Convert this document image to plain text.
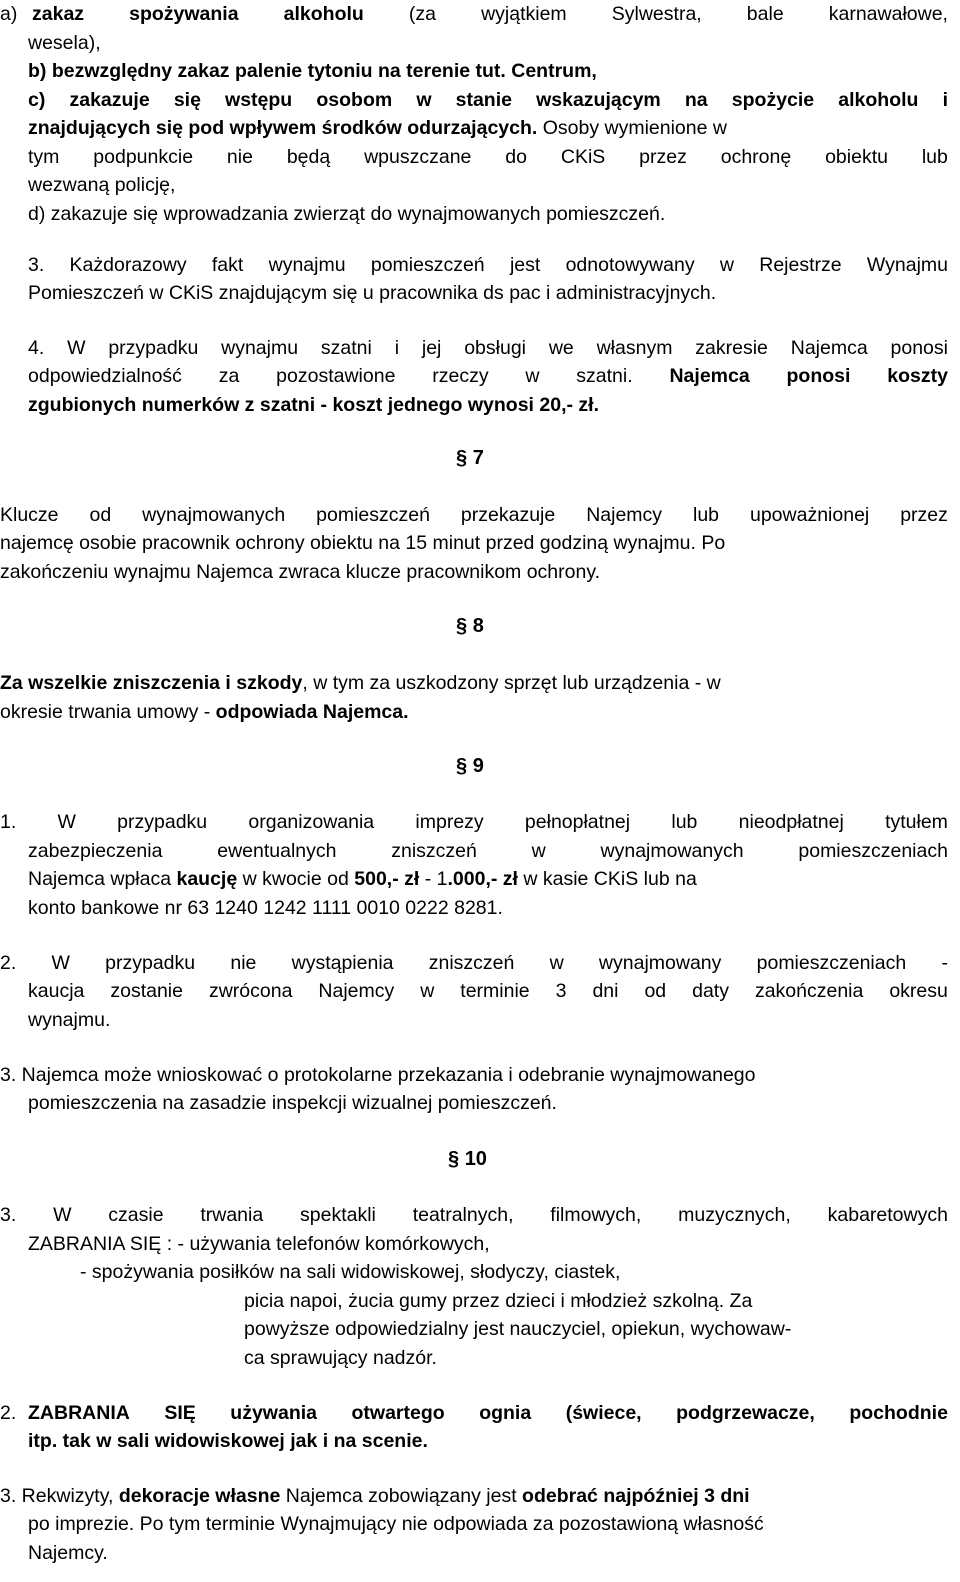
a) zakaz spożywania alkoholu (za wyjątkiem Sylwestra, bale karnawałowe,
wesela),
b) bezwzględny zakaz palenie tytoniu na terenie tut. Centrum,
c) zakazuje się wstępu osobom w stanie wskazującym na spożycie alkoholu i
znajdujących się pod wpływem środków odurzających. Osoby wymienione w
tym podpunkcie nie będą wpuszczane do CKiS przez ochronę obiektu lub
wezwaną policję,
d) zakazuje się wprowadzania zwierząt do wynajmowanych pomieszczeń.
3. Każdorazowy fakt wynajmu pomieszczeń jest odnotowywany w Rejestrze Wynajmu
Pomieszczeń w CKiS znajdującym się u pracownika ds pac i administracyjnych.
4. W przypadku wynajmu szatni i jej obsługi we własnym zakresie Najemca ponosi
odpowiedzialność za pozostawione rzeczy w szatni. Najemca ponosi koszty
zgubionych numerków z szatni - koszt jednego wynosi 20,- zł.
§ 7
Klucze od wynajmowanych pomieszczeń przekazuje Najemcy lub upoważnionej przez
najemcę osobie pracownik ochrony obiektu na 15 minut przed godziną wynajmu. Po
zakończeniu wynajmu Najemca zwraca klucze pracownikom ochrony.
§ 8
Za wszelkie zniszczenia i szkody, w tym za uszkodzony sprzęt lub urządzenia - w
okresie trwania umowy - odpowiada Najemca.
§ 9
1. W przypadku organizowania imprezy pełnopłatnej lub nieodpłatnej tytułem
zabezpieczenia	ewentualnych	zniszczeń	w	wynajmowanych	pomieszczeniach
Najemca wpłaca kaucję w kwocie od 500,- zł - 1.000,- zł w kasie CKiS lub na
konto bankowe nr 63 1240 1242 1111 0010 0222 8281.
2. W przypadku nie wystąpienia zniszczeń w wynajmowany pomieszczeniach -
kaucja zostanie zwrócona Najemcy w terminie 3 dni od daty zakończenia okresu
wynajmu.
3. Najemca może wnioskować o protokolarne przekazania i odebranie wynajmowanego
pomieszczenia na zasadzie inspekcji wizualnej pomieszczeń.
§ 10
3. W czasie trwania spektakli teatralnych, filmowych, muzycznych, kabaretowych
ZABRANIA SIĘ : - używania telefonów komórkowych,
- spożywania posiłków na sali widowiskowej, słodyczy, ciastek,
picia napoi, żucia gumy przez dzieci i młodzież szkolną. Za
powyższe odpowiedzialny jest nauczyciel, opiekun, wychowaw-
ca sprawujący nadzór.
2. ZABRANIA SIĘ używania otwartego ognia (świece, podgrzewacze, pochodnie
itp. tak w sali widowiskowej jak i na scenie.
3. Rekwizyty, dekoracje własne Najemca zobowiązany jest odebrać najpóźniej 3 dni
po imprezie. Po tym terminie Wynajmujący nie odpowiada za pozostawioną własność
Najemcy.
